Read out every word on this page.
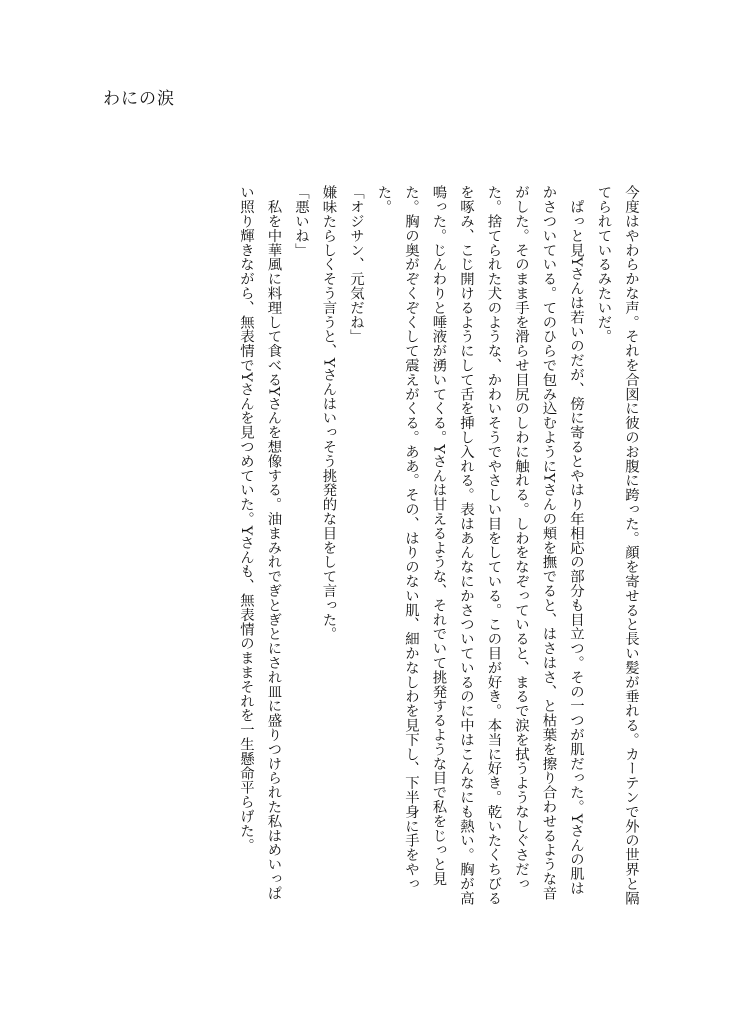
わにの涙

今度はやわらかな声。それを合図に彼のお腹に跨った。顔を寄せると長い髪が垂れる。カーテンで外の世界と隔てられているみたいだ。

　ぱっと見Yさんは若いのだが、傍に寄るとやはり年相応の部分も目立つ。その一つが肌だった。Yさんの肌はかさついている。てのひらで包み込むようにYさんの頬を撫でると、はさはさ、と枯葉を擦り合わせるような音がした。そのまま手を滑らせ目尻のしわに触れる。しわをなぞっていると、まるで涙を拭うようなしぐさだった。捨てられた犬のような、かわいそうでやさしい目をしている。この目が好き。本当に好き。乾いたくちびるを啄み、こじ開けるようにして舌を挿し入れる。表はあんなにかさついているのに中はこんなにも熱い。胸が高鳴った。じんわりと唾液が湧いてくる。Yさんは甘えるような、それでいて挑発するような目で私をじっと見た。胸の奥がぞくぞくして震えがくる。ああ。その、はりのない肌、細かなしわを見下し、下半身に手をやった。

「オジサン、元気だね」

嫌味たらしくそう言うと、Yさんはいっそう挑発的な目をして言った。

「悪いね」

　私を中華風に料理して食べるYさんを想像する。油まみれでぎとぎとにされ皿に盛りつけられた私はめいっぱい照り輝きながら、無表情でYさんを見つめていた。Yさんも、無表情のままそれを一生懸命平らげた。
